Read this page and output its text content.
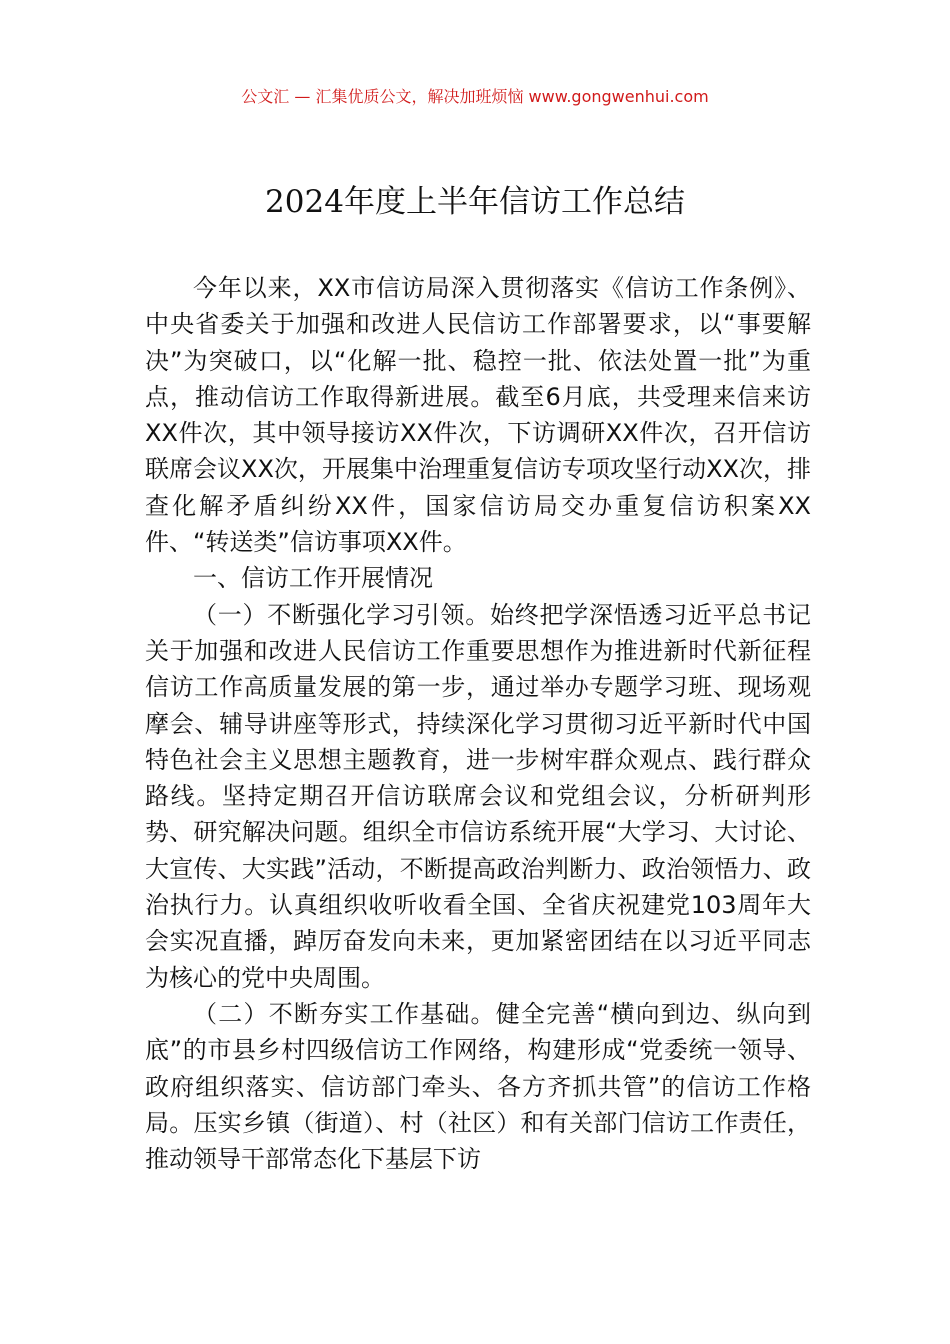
公文汇 — 汇集优质公文，解决加班烦恼 www.gongwenhui.com
2024年度上半年信访工作总结

今年以来，XX市信访局深入贯彻落实《信访工作条例》、中央省委关于加强和改进人民信访工作部署要求，以“事要解决”为突破口，以“化解一批、稳控一批、依法处置一批”为重点，推动信访工作取得新进展。截至6月底，共受理来信来访XX件次，其中领导接访XX件次，下访调研XX件次，召开信访联席会议XX次，开展集中治理重复信访专项攻坚行动XX次，排查化解矛盾纠纷XX件，国家信访局交办重复信访积案XX件、“转送类”信访事项XX件。

一、信访工作开展情况

（一）不断强化学习引领。始终把学深悟透习近平总书记关于加强和改进人民信访工作重要思想作为推进新时代新征程信访工作高质量发展的第一步，通过举办专题学习班、现场观摩会、辅导讲座等形式，持续深化学习贯彻习近平新时代中国特色社会主义思想主题教育，进一步树牢群众观点、践行群众路线。坚持定期召开信访联席会议和党组会议，分析研判形势、研究解决问题。组织全市信访系统开展“大学习、大讨论、大宣传、大实践”活动，不断提高政治判断力、政治领悟力、政治执行力。认真组织收听收看全国、全省庆祝建党103周年大会实况直播，踔厉奋发向未来，更加紧密团结在以习近平同志为核心的党中央周围。

（二）不断夯实工作基础。健全完善“横向到边、纵向到底”的市县乡村四级信访工作网络，构建形成“党委统一领导、政府组织落实、信访部门牵头、各方齐抓共管”的信访工作格局。压实乡镇（街道）、村（社区）和有关部门信访工作责任，推动领导干部常态化下基层下访
